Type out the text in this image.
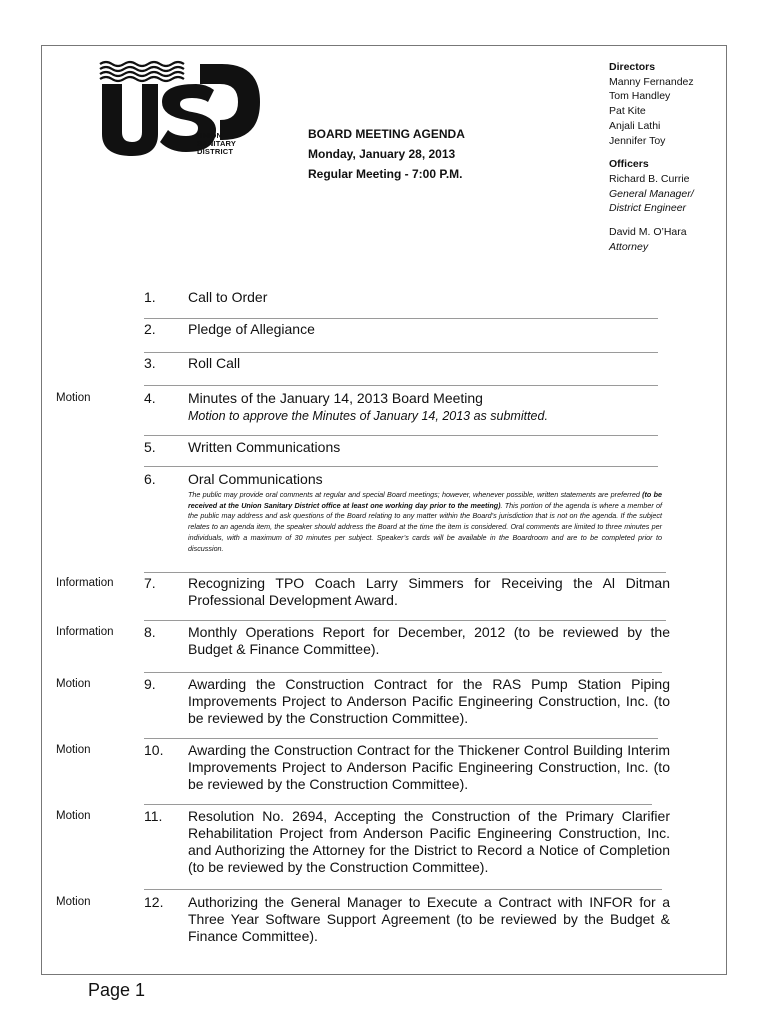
UNION
SANITARY
DISTRICT
BOARD MEETING AGENDA
Monday, January 28, 2013
Regular Meeting - 7:00 P.M.
Directors
Manny Fernandez
Tom Handley
Pat Kite
Anjali Lathi
Jennifer Toy
Officers
Richard B. Currie
General Manager/
District Engineer
David M. O’Hara
Attorney
1. Call to Order
2. Pledge of Allegiance
3. Roll Call
Motion	4. Minutes of the January 14, 2013 Board Meeting
Motion to approve the Minutes of January 14, 2013 as submitted.
5. Written Communications
6. Oral Communications
The public may provide oral comments at regular and special Board meetings; however, whenever possible, written statements are preferred (to be received at the Union Sanitary District office at least one working day prior to the meeting). This portion of the agenda is where a member of the public may address and ask questions of the Board relating to any matter within the Board’s jurisdiction that is not on the agenda. If the subject relates to an agenda item, the speaker should address the Board at the time the item is considered. Oral comments are limited to three minutes per individuals, with a maximum of 30 minutes per subject. Speaker’s cards will be available in the Boardroom and are to be completed prior to discussion.
Information 7. Recognizing TPO Coach Larry Simmers for Receiving the Al Ditman Professional Development Award.
Information 8. Monthly Operations Report for December, 2012 (to be reviewed by the Budget & Finance Committee).
Motion	9. Awarding the Construction Contract for the RAS Pump Station Piping Improvements Project to Anderson Pacific Engineering Construction, Inc. (to be reviewed by the Construction Committee).
Motion	10. Awarding the Construction Contract for the Thickener Control Building Interim Improvements Project to Anderson Pacific Engineering Construction, Inc. (to be reviewed by the Construction Committee).
Motion	11. Resolution No. 2694, Accepting the Construction of the Primary Clarifier Rehabilitation Project from Anderson Pacific Engineering Construction, Inc. and Authorizing the Attorney for the District to Record a Notice of Completion (to be reviewed by the Construction Committee).
Motion	12. Authorizing the General Manager to Execute a Contract with INFOR for a Three Year Software Support Agreement (to be reviewed by the Budget & Finance Committee).
Page 1
